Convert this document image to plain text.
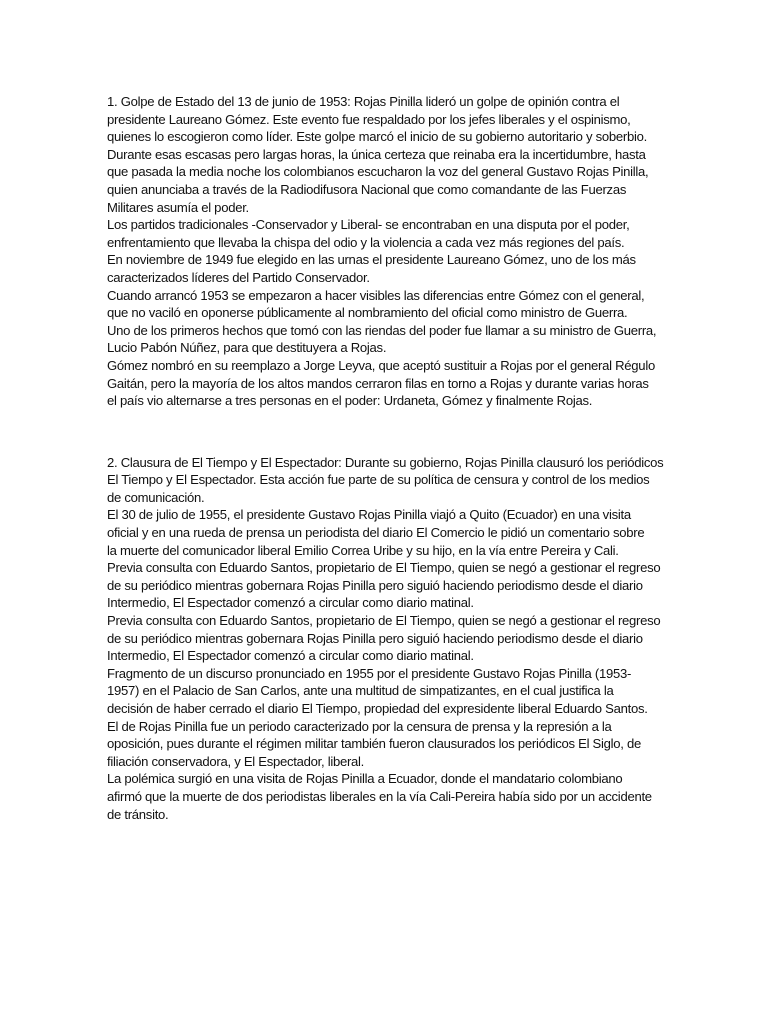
1. Golpe de Estado del 13 de junio de 1953: Rojas Pinilla lideró un golpe de opinión contra el
presidente Laureano Gómez. Este evento fue respaldado por los jefes liberales y el ospinismo,
quienes lo escogieron como líder. Este golpe marcó el inicio de su gobierno autoritario y soberbio.
Durante esas escasas pero largas horas, la única certeza que reinaba era la incertidumbre, hasta
que pasada la media noche los colombianos escucharon la voz del general Gustavo Rojas Pinilla,
quien anunciaba a través de la Radiodifusora Nacional que como comandante de las Fuerzas
Militares asumía el poder.
Los partidos tradicionales -Conservador y Liberal- se encontraban en una disputa por el poder,
enfrentamiento que llevaba la chispa del odio y la violencia a cada vez más regiones del país.
En noviembre de 1949 fue elegido en las urnas el presidente Laureano Gómez, uno de los más
caracterizados líderes del Partido Conservador.
Cuando arrancó 1953 se empezaron a hacer visibles las diferencias entre Gómez con el general,
que no vaciló en oponerse públicamente al nombramiento del oficial como ministro de Guerra.
Uno de los primeros hechos que tomó con las riendas del poder fue llamar a su ministro de Guerra,
Lucio Pabón Núñez, para que destituyera a Rojas.
Gómez nombró en su reemplazo a Jorge Leyva, que aceptó sustituir a Rojas por el general Régulo
Gaitán, pero la mayoría de los altos mandos cerraron filas en torno a Rojas y durante varias horas
el país vio alternarse a tres personas en el poder: Urdaneta, Gómez y finalmente Rojas.
2. Clausura de El Tiempo y El Espectador: Durante su gobierno, Rojas Pinilla clausuró los periódicos
El Tiempo y El Espectador. Esta acción fue parte de su política de censura y control de los medios
de comunicación.
El 30 de julio de 1955, el presidente Gustavo Rojas Pinilla viajó a Quito (Ecuador) en una visita
oficial y en una rueda de prensa un periodista del diario El Comercio le pidió un comentario sobre
la muerte del comunicador liberal Emilio Correa Uribe y su hijo, en la vía entre Pereira y Cali.
Previa consulta con Eduardo Santos, propietario de El Tiempo, quien se negó a gestionar el regreso
de su periódico mientras gobernara Rojas Pinilla pero siguió haciendo periodismo desde el diario
Intermedio, El Espectador comenzó a circular como diario matinal.
Previa consulta con Eduardo Santos, propietario de El Tiempo, quien se negó a gestionar el regreso
de su periódico mientras gobernara Rojas Pinilla pero siguió haciendo periodismo desde el diario
Intermedio, El Espectador comenzó a circular como diario matinal.
Fragmento de un discurso pronunciado en 1955 por el presidente Gustavo Rojas Pinilla (1953-
1957) en el Palacio de San Carlos, ante una multitud de simpatizantes, en el cual justifica la
decisión de haber cerrado el diario El Tiempo, propiedad del expresidente liberal Eduardo Santos.
El de Rojas Pinilla fue un periodo caracterizado por la censura de prensa y la represión a la
oposición, pues durante el régimen militar también fueron clausurados los periódicos El Siglo, de
filiación conservadora, y El Espectador, liberal.
La polémica surgió en una visita de Rojas Pinilla a Ecuador, donde el mandatario colombiano
afirmó que la muerte de dos periodistas liberales en la vía Cali-Pereira había sido por un accidente
de tránsito.
